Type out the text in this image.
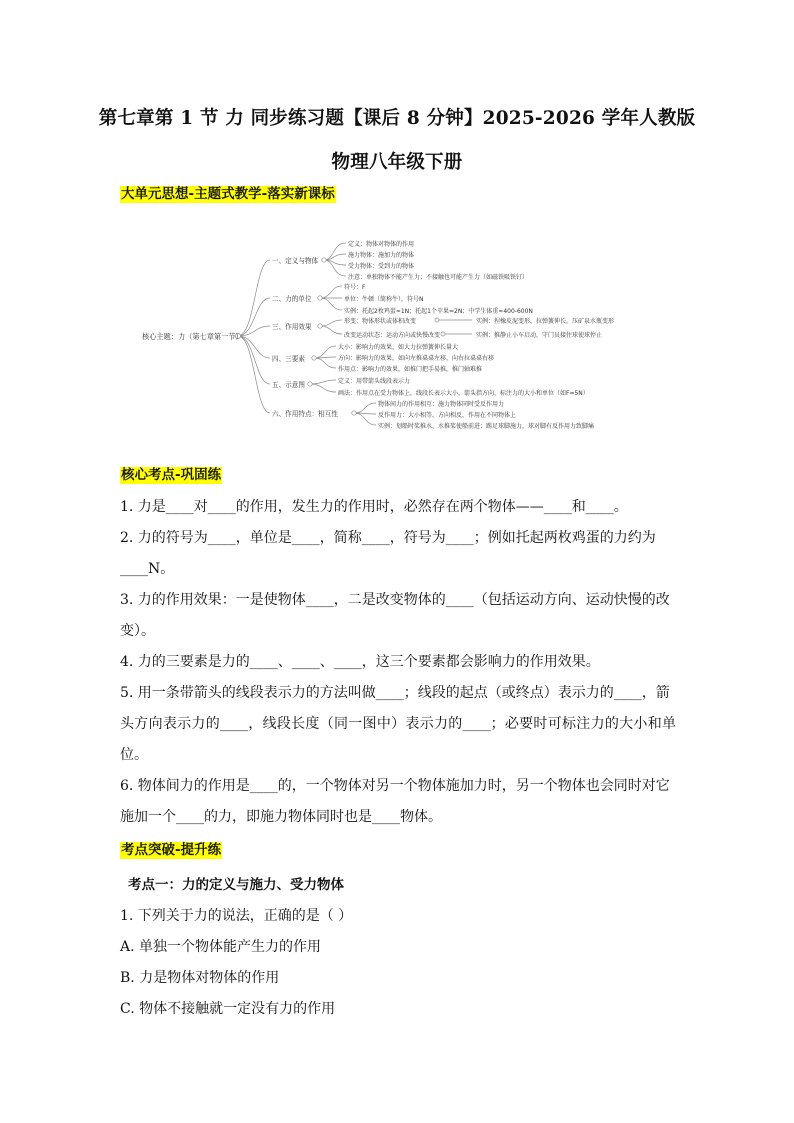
第七章第 1 节 力 同步练习题【课后 8 分钟】2025-2026 学年人教版
物理八年级下册
大单元思想-主题式教学-落实新课标
核心主题：力（第七章第一节）
一、定义与物体
定义：物体对物体的作用
施力物体：施加力的物体
受力物体：受到力的物体
注意：单独物体不能产生力；不接触也可能产生力（如磁铁吸铁钉）
二、力的单位
符号：F
单位：牛顿（简称牛），符号N
实例：托起2枚鸡蛋≈1N；托起1个苹果≈2N；中学生体重≈400-600N
三、作用效果
形变：物体形状或体积改变
改变运动状态：运动方向或快慢改变
实例：捏橡皮泥变形，拉弹簧伸长，压矿泉水瓶变形
实例：推静止小车启动，守门员接住球使球停止
四、三要素
大小：影响力的效果，如大力拉弹簧伸长量大
方向：影响力的效果，如向左推桌桌左移，向右拉桌桌右移
作用点：影响力的效果，如推门把手易推，推门轴难推
五、示意图	定义：用带箭头线段表示力
画法：作用点在受力物体上，线段长表示大小，箭头指方向，标注力的大小和单位（如F=5N）
六、作用特点：相互性
物体间力的作用相互：施力物体同时受反作用力
反作用力：大小相等，方向相反，作用在不同物体上
实例：划船时桨推水，水推桨使船前进；踢足球脚施力，球对脚有反作用力致脚痛
核心考点-巩固练

1. 力是____对____的作用，发生力的作用时，必然存在两个物体——____和____。

2. 力的符号为____，单位是____，简称____，符号为____；例如托起两枚鸡蛋的力约为

____N。

3. 力的作用效果：一是使物体____，二是改变物体的____（包括运动方向、运动快慢的改

变）。

4. 力的三要素是力的____、____、____，这三个要素都会影响力的作用效果。

5. 用一条带箭头的线段表示力的方法叫做____；线段的起点（或终点）表示力的____，箭

头方向表示力的____，线段长度（同一图中）表示力的____；必要时可标注力的大小和单位。

6. 物体间力的作用是____的，一个物体对另一个物体施加力时，另一个物体也会同时对它

施加一个____的力，即施力物体同时也是____物体。

考点突破-提升练
考点一：力的定义与施力、受力物体
1. 下列关于力的说法，正确的是（ ）
A. 单独一个物体能产生力的作用
B. 力是物体对物体的作用
C. 物体不接触就一定没有力的作用
